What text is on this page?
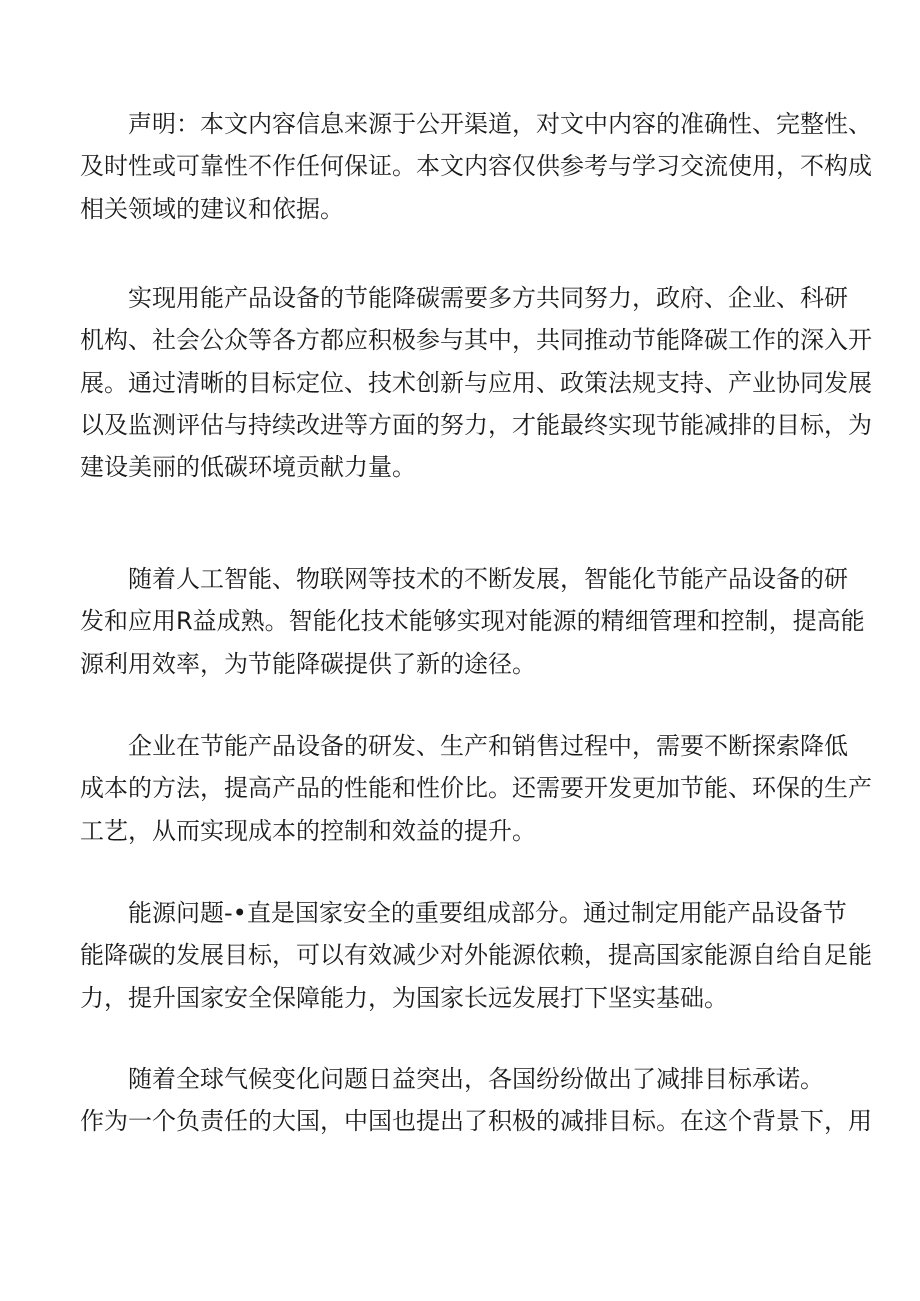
声明：本文内容信息来源于公开渠道，对文中内容的准确性、完整性、
及时性或可靠性不作任何保证。本文内容仅供参考与学习交流使用，不构成
相关领域的建议和依据。

实现用能产品设备的节能降碳需要多方共同努力，政府、企业、科研
机构、社会公众等各方都应积极参与其中，共同推动节能降碳工作的深入开
展。通过清晰的目标定位、技术创新与应用、政策法规支持、产业协同发展
以及监测评估与持续改进等方面的努力，才能最终实现节能减排的目标，为
建设美丽的低碳环境贡献力量。

随着人工智能、物联网等技术的不断发展，智能化节能产品设备的研
发和应用R益成熟。智能化技术能够实现对能源的精细管理和控制，提高能
源利用效率，为节能降碳提供了新的途径。

企业在节能产品设备的研发、生产和销售过程中，需要不断探索降低
成本的方法，提高产品的性能和性价比。还需要开发更加节能、环保的生产
工艺，从而实现成本的控制和效益的提升。

能源问题-•直是国家安全的重要组成部分。通过制定用能产品设备节
能降碳的发展目标，可以有效减少对外能源依赖，提高国家能源自给自足能
力，提升国家安全保障能力，为国家长远发展打下坚实基础。

随着全球气候变化问题日益突出，各国纷纷做出了减排目标承诺。
作为一个负责任的大国，中国也提出了积极的减排目标。在这个背景下，用
